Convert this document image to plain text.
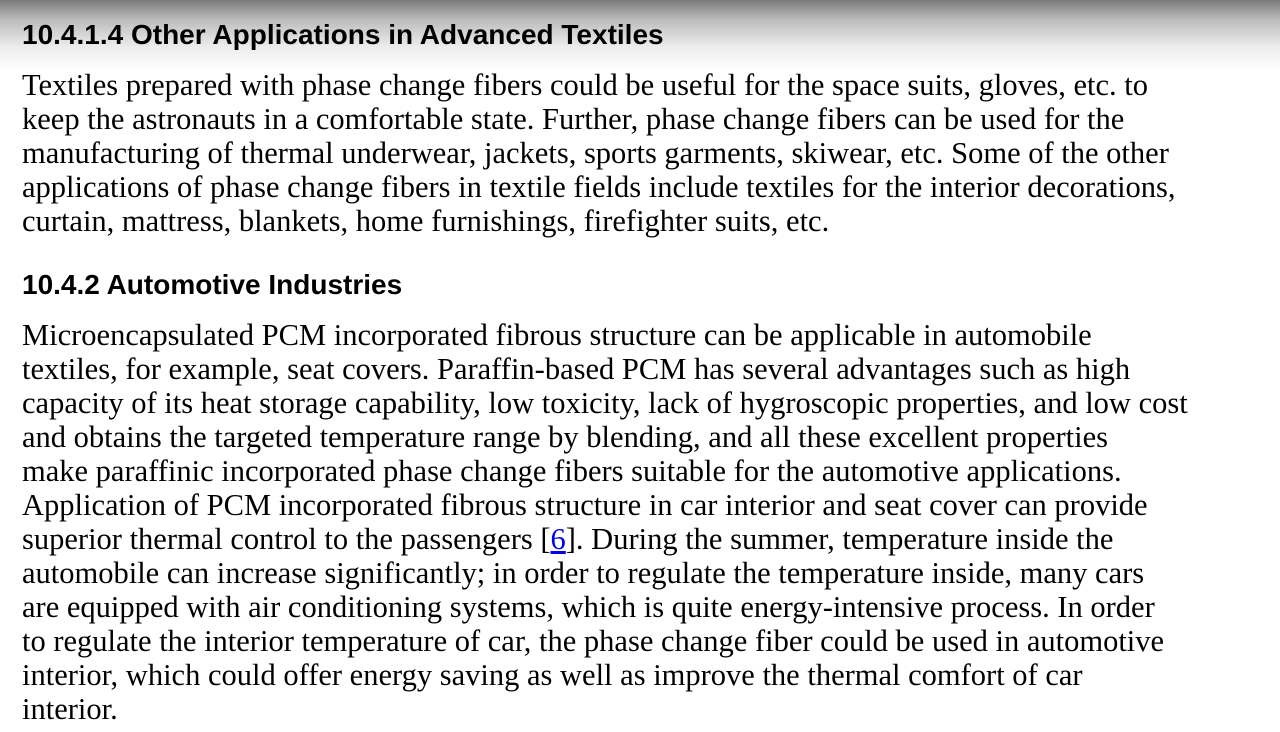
10.4.1.4 Other Applications in Advanced Textiles

Textiles prepared with phase change fibers could be useful for the space suits, gloves, etc. to
keep the astronauts in a comfortable state. Further, phase change fibers can be used for the
manufacturing of thermal underwear, jackets, sports garments, skiwear, etc. Some of the other
applications of phase change fibers in textile fields include textiles for the interior decorations,
curtain, mattress, blankets, home furnishings, firefighter suits, etc.

10.4.2 Automotive Industries

Microencapsulated PCM incorporated fibrous structure can be applicable in automobile
textiles, for example, seat covers. Paraffin-based PCM has several advantages such as high
capacity of its heat storage capability, low toxicity, lack of hygroscopic properties, and low cost
and obtains the targeted temperature range by blending, and all these excellent properties
make paraffinic incorporated phase change fibers suitable for the automotive applications.
Application of PCM incorporated fibrous structure in car interior and seat cover can provide
superior thermal control to the passengers [6]. During the summer, temperature inside the
automobile can increase significantly; in order to regulate the temperature inside, many cars
are equipped with air conditioning systems, which is quite energy-intensive process. In order
to regulate the interior temperature of car, the phase change fiber could be used in automotive
interior, which could offer energy saving as well as improve the thermal comfort of car
interior.
